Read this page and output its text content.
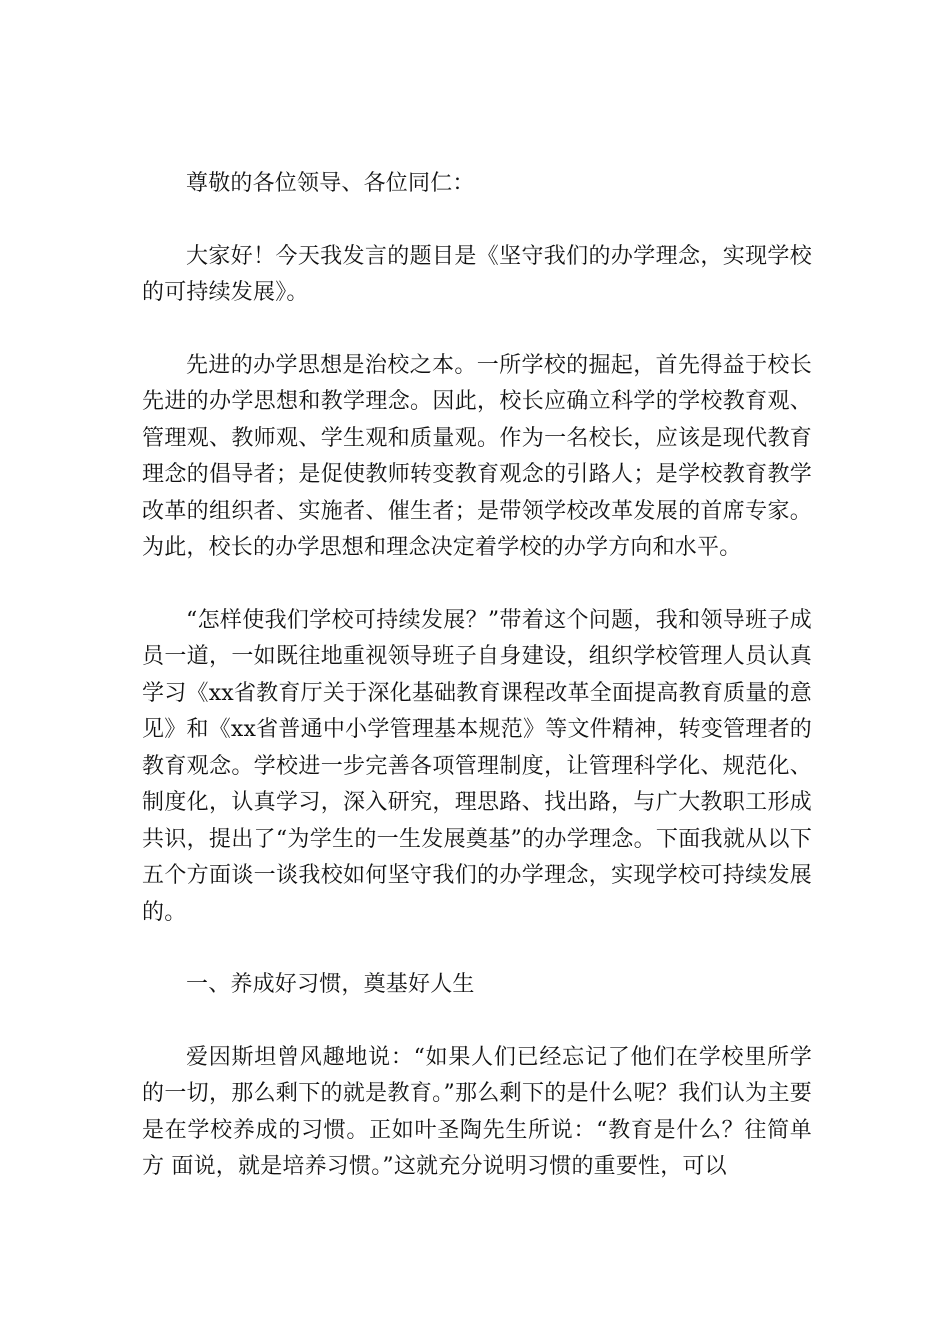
尊敬的各位领导、各位同仁：

大家好！今天我发言的题目是《坚守我们的办学理念，实现学校的可持续发展》。

先进的办学思想是治校之本。一所学校的掘起，首先得益于校长先进的办学思想和教学理念。因此，校长应确立科学的学校教育观、管理观、教师观、学生观和质量观。作为一名校长，应该是现代教育理念的倡导者；是促使教师转变教育观念的引路人；是学校教育教学改革的组织者、实施者、催生者；是带领学校改革发展的首席专家。为此，校长的办学思想和理念决定着学校的办学方向和水平。

“怎样使我们学校可持续发展？”带着这个问题，我和领导班子成员一道，一如既往地重视领导班子自身建设，组织学校管理人员认真学习《xx省教育厅关于深化基础教育课程改革全面提高教育质量的意见》和《xx省普通中小学管理基本规范》等文件精神，转变管理者的教育观念。学校进一步完善各项管理制度，让管理科学化、规范化、制度化，认真学习，深入研究，理思路、找出路，与广大教职工形成共识，提出了“为学生的一生发展奠基”的办学理念。下面我就从以下五个方面谈一谈我校如何坚守我们的办学理念，实现学校可持续发展的。

一、养成好习惯，奠基好人生

爱因斯坦曾风趣地说：“如果人们已经忘记了他们在学校里所学的一切，那么剩下的就是教育。”那么剩下的是什么呢？我们认为主要 是在学校养成的习惯。正如叶圣陶先生所说：“教育是什么？往简单方 面说，就是培养习惯。”这就充分说明习惯的重要性，可以
